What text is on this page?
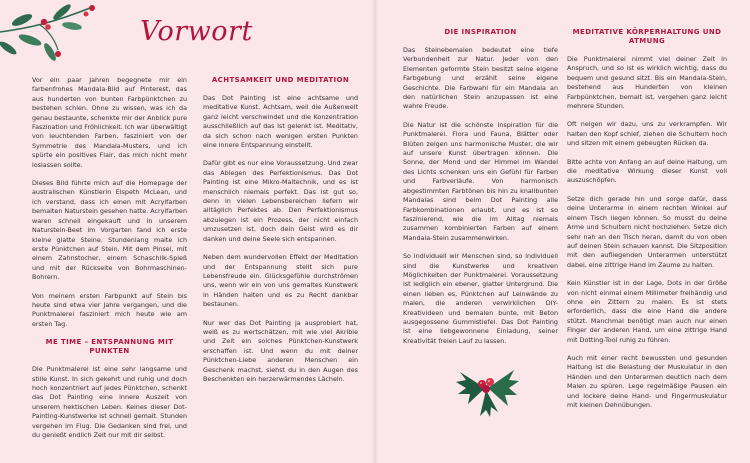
Vorwort

Vor ein paar Jahren begegnete mir ein farbenfrohes Mandala-Bild auf Pinterest, das aus hunderten von bunten Farbpünktchen zu bestehen schien. Ohne zu wissen, was ich da genau bestaunte, schenkte mir der Anblick pure Faszination und Fröhlichkeit. Ich war überwältigt von leuchtenden Farben, fasziniert von der Symmetrie des Mandala-Musters, und ich spürte ein positives Flair, das mich nicht mehr loslassen sollte.

Dieses Bild führte mich auf die Homepage der australischen Künstlerin Elspeth McLean, und ich verstand, dass ich einen mit Acrylfarben bemalten Naturstein gesehen hatte. Acrylfarben waren schnell eingekauft und in unserem Naturstein-Beet im Vorgarten fand ich erste kleine glatte Steine. Stundenlang malte ich erste Pünktchen auf Stein. Mit dem Pinsel, mit einem Zahnstocher, einem Schaschlik-Spieß und mit der Rückseite von Bohrmaschinen-Bohrern.

Von meinem ersten Farbpunkt auf Stein bis heute sind etwa vier Jahre vergangen, und die Punktmalerei fasziniert mich heute wie am ersten Tag.

ME TIME – ENTSPANNUNG MIT PUNKTEN

Die Punktmalerei ist eine sehr langsame und stille Kunst. In sich gekehrt und ruhig und doch hoch konzentriert auf jedes Pünktchen, schenkt das Dot Painting eine innere Auszeit von unserem hektischen Leben. Keines dieser Dot-Painting-Kunstwerke ist schnell gemalt. Stunden vergehen im Flug. Die Gedanken sind frei, und du genießt endlich Zeit nur mit dir selbst.

ACHTSAMKEIT UND MEDITATION

Das Dot Painting ist eine achtsame und meditative Kunst. Achtsam, weil die Außenwelt ganz leicht verschwindet und die Konzentration ausschließlich auf das Ist gelenkt ist. Meditativ, da sich schon nach wenigen ersten Punkten eine innere Entspannung einstellt.

Dafür gibt es nur eine Voraussetzung. Und zwar das Ablegen des Perfektionismus. Das Dot Painting ist eine Mikro-Maltechnik, und es ist menschlich niemals perfekt. Das ist gut so, denn in vielen Lebensbereichen liefern wir alltäglich Perfektes ab. Den Perfektionismus abzulegen ist ein Prozess, der nicht einfach umzusetzen ist, doch dein Geist wird es dir danken und deine Seele sich entspannen.

Neben dem wundervollen Effekt der Meditation und der Entspannung stellt sich pure Lebensfreude ein. Glücksgefühle durchströmen uns, wenn wir ein von uns gemaltes Kunstwerk in Händen halten und es zu Recht dankbar bestaunen.

Nur wer das Dot Painting ja ausprobiert hat, weiß es zu wertschätzen, mit wie viel Akribie und Zeit ein solches Pünktchen-Kunstwerk erschaffen ist. Und wenn du mit deiner Pünktchen-Liebe anderen Menschen ein Geschenk machst, siehst du in den Augen des Beschenkten ein herzerwärmendes Lächeln.

DIE INSPIRATION

Das Steinebemalen bedeutet eine tiefe Verbundenheit zur Natur. Jeder von den Elementen geformte Stein besitzt seine eigene Farbgebung und erzählt seine eigene Geschichte. Die Farbwahl für ein Mandala an den natürlichen Stein anzupassen ist eine wahre Freude.

Die Natur ist die schönste Inspiration für die Punktmalerei. Flora und Fauna, Blätter oder Blüten zeigen uns harmonische Muster, die wir auf unsere Kunst übertragen können. Die Sonne, der Mond und der Himmel im Wandel des Lichts schenken uns ein Gefühl für Farben und Farbverläufe. Von harmonisch abgestimmten Farbtönen bis hin zu knallbunten Mandalas sind beim Dot Painting alle Farbkombinationen erlaubt, und es ist so faszinierend, wie die im Alltag niemals zusammen kombinierten Farben auf einem Mandala-Stein zusammenwirken.

So individuell wir Menschen sind, so individuell sind die Kunstwerke und kreativen Möglichkeiten der Punktmalerei. Voraussetzung ist lediglich ein ebener, glatter Untergrund. Die einen lieben es, Pünktchen auf Leinwände zu malen, die anderen verwirklichen DIY-Kreativideen und bemalen bunte, mit Beton ausgegossene Gummistiefel. Das Dot Painting ist eine liebgewonnene Einladung, seiner Kreativität freien Lauf zu lassen.

MEDITATIVE KÖRPERHALTUNG UND ATMUNG

Die Punktmalerei nimmt viel deiner Zeit in Anspruch, und so ist es wirklich wichtig, dass du bequem und gesund sitzt. Bis ein Mandala-Stein, bestehend aus Hunderten von kleinen Farbpünktchen, bemalt ist, vergehen ganz leicht mehrere Stunden.

Oft neigen wir dazu, uns zu verkrampfen. Wir halten den Kopf schief, ziehen die Schultern hoch und sitzen mit einem gebeugten Rücken da.

Bitte achte von Anfang an auf deine Haltung, um die meditative Wirkung dieser Kunst voll auszuschöpfen.

Setze dich gerade hin und sorge dafür, dass deine Unterarme in einem rechten Winkel auf einem Tisch liegen können. So musst du deine Arme und Schultern nicht hochziehen. Setze dich sehr nah an den Tisch heran, damit du von oben auf deinen Stein schauen kannst. Die Sitzposition mit den aufliegenden Unterarmen unterstützt dabei, eine zittrige Hand im Zaume zu halten.

Kein Künstler ist in der Lage, Dots in der Größe von nicht einmal einem Millimeter freihändig und ohne ein Zittern zu malen. Es ist stets erforderlich, dass die eine Hand die andere stützt. Manchmal benötigt man auch nur einen Finger der anderen Hand, um eine zittrige Hand mit Dotting-Tool ruhig zu führen.

Auch mit einer recht bewussten und gesunden Haltung ist die Belastung der Muskulatur in den Händen und den Unterarmen deutlich nach dem Malen zu spüren. Lege regelmäßige Pausen ein und lockere deine Hand- und Fingermuskulatur mit kleinen Dehnübungen.
